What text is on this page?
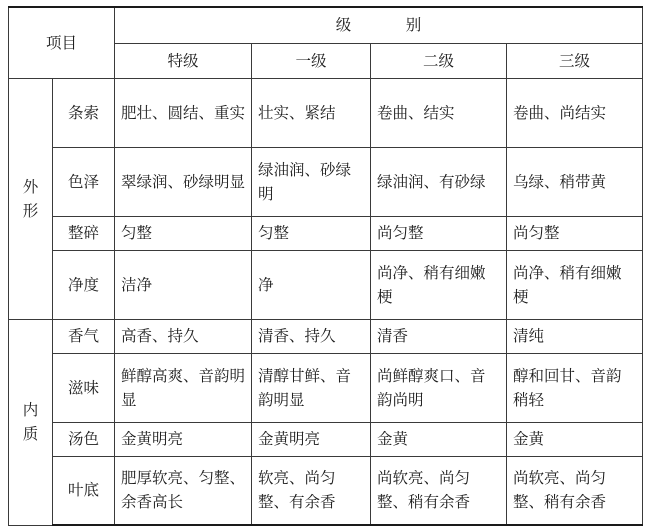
项目		级 别			
		特级	一级	二级	三级

外
形	条索	肥壮、圆结、重实	壮实、紧结	卷曲、结实	卷曲、尚结实
	色泽	翠绿润、砂绿明显	绿油润、砂绿明	绿油润、有砂绿	乌绿、稍带黄
	整碎	匀整	匀整	尚匀整	尚匀整
	净度	洁净	净	尚净、稍有细嫩梗	尚净、稍有细嫩梗

内
质	香气	高香、持久	清香、持久	清香	清纯
	滋味	鲜醇高爽、音韵明显	清醇甘鲜、音韵明显	尚鲜醇爽口、音韵尚明	醇和回甘、音韵稍轻
	汤色	金黄明亮	金黄明亮	金黄	金黄
	叶底	肥厚软亮、匀整、余香高长	软亮、尚匀整、有余香	尚软亮、尚匀整、稍有余香	尚软亮、尚匀整、稍有余香
